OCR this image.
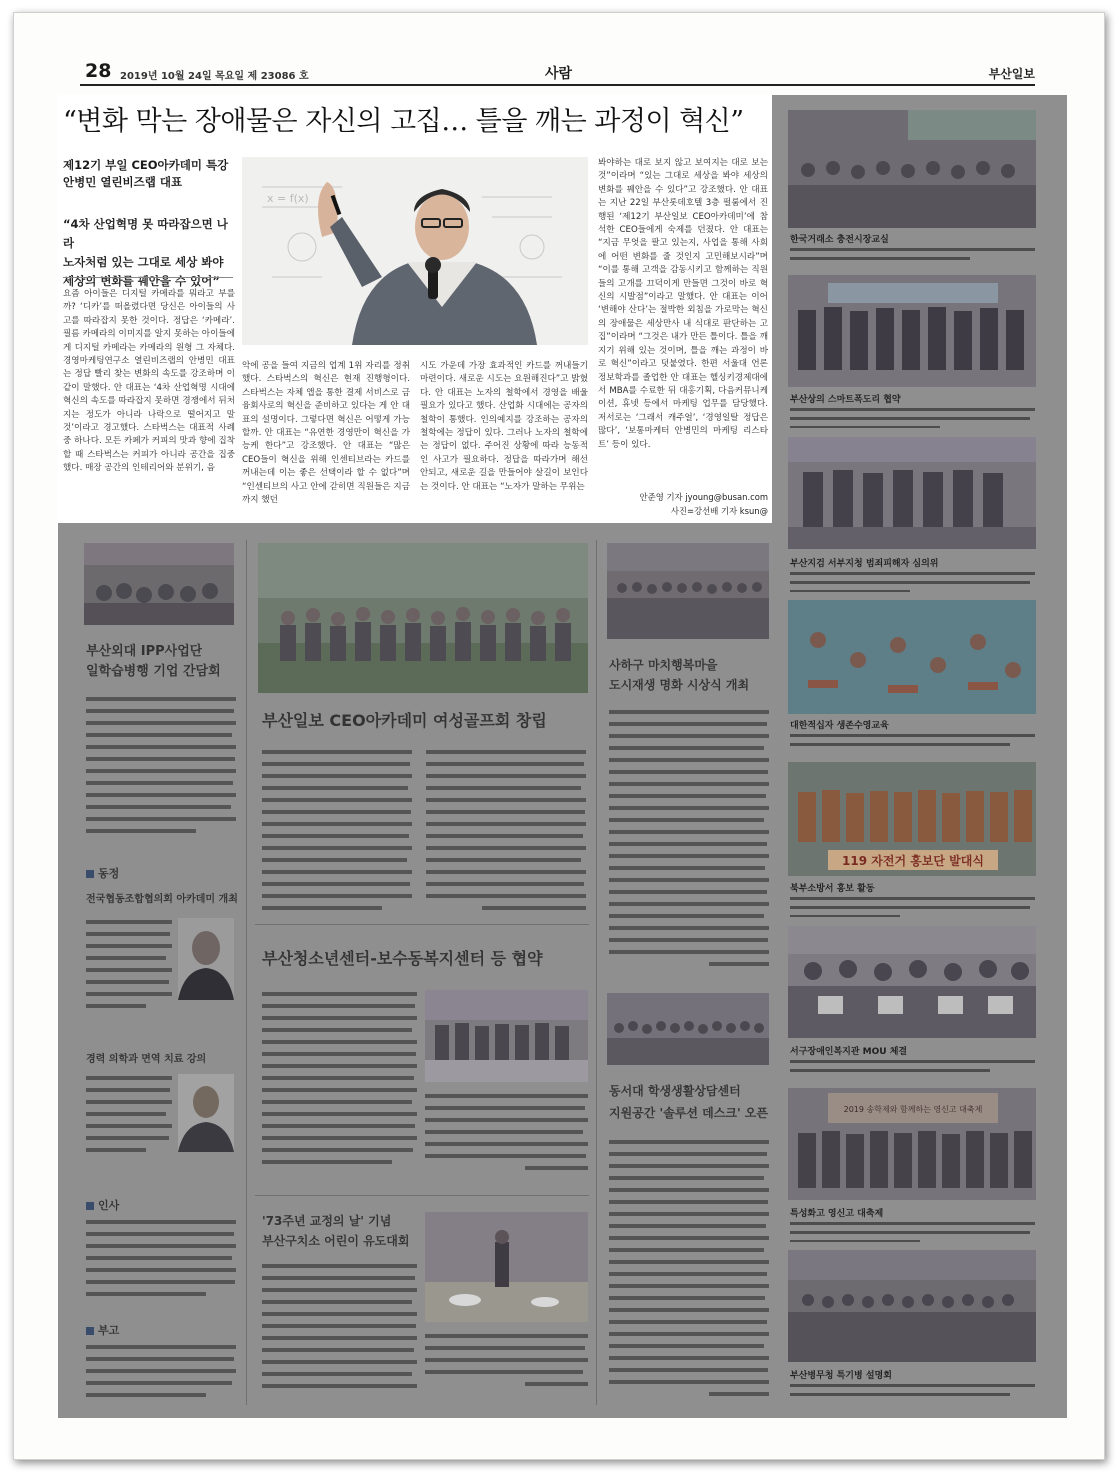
28 2019년 10월 24일 목요일 제 23086 호	사람	부산일보
“변화 막는 장애물은 자신의 고집… 틀을 깨는 과정이 혁신”
제12기 부일 CEO아카데미 특강
안병민 열린비즈랩 대표
“4차 산업혁명 못 따라잡으면 나라
노자처럼 있는 그대로 세상 봐야
세상의 변화를 꿰안을 수 있어”
x = f(x)
요즘 아이들은 디지털 카메라를 뭐라고 부를까? ‘디카’를 떠올렸다면 당신은 아이들의 사고를 따라잡지 못한 것이다. 정답은 ‘카메라’. 필름 카메라의 이미지를 알지 못하는 아이들에게 디지털 카메라는 카메라의 원형 그 자체다. 경영마케팅연구소 열린비즈랩의 안병민 대표는 정답 빨리 찾는 변화의 속도를 강조하며 이같이 말했다. 안 대표는 ‘4차 산업혁명 시대에 혁신의 속도를 따라잡지 못하면 경쟁에서 뒤처지는 정도가 아니라 나락으로 떨어지고 말 것’이라고 경고했다. 스타벅스는 대표적 사례 중 하나다. 모든 카페가 커피의 맛과 향에 집착할 때 스타벅스는 커피가 아니라 공간을 집중했다. 매장 공간의 인테리어와 분위기, 음
악에 공을 들여 지금의 업계 1위 자리를 정취했다. 스타벅스의 혁신은 현재 진행형이다. 스타벅스는 자체 앱을 통한 결제 서비스로 금융회사로의 혁신을 준비하고 있다는 게 안 대표의 설명이다. 그렇다면 혁신은 어떻게 가능할까. 안 대표는 “유연한 경영만이 혁신을 가능케 한다”고 강조했다. 안 대표는 “많은 CEO들이 혁신을 위해 인센티브라는 카드를 꺼내는데 이는 좋은 선택이라 할 수 없다”며 “인센티브의 사고 안에 갇히면 직원들은 지금까지 했던
시도 가운데 가장 효과적인 카드를 꺼내들기 마련이다. 새로운 시도는 요원해진다”고 밝혔다. 안 대표는 노자의 철학에서 경영을 배울 필요가 있다고 했다. 산업화 시대에는 공자의 철학이 통했다. 인의예지를 강조하는 공자의 철학에는 정답이 있다. 그러나 노자의 철학에는 정답이 없다. 주어진 상황에 따라 능동적인 사고가 필요하다. 정답을 따라가며 해선 안되고, 새로운 길을 만들어야 살길이 보인다는 것이다. 안 대표는 “노자가 말하는 무위는
봐야하는 대로 보지 않고 보여지는 대로 보는 것”이라며 “있는 그대로 세상을 봐야 세상의 변화를 꿰안을 수 있다”고 강조했다. 안 대표는 지난 22일 부산롯데호텔 3층 펄룸에서 진행된 ‘제12기 부산일보 CEO아카데미’에 참석한 CEO들에게 숙제를 던졌다. 안 대표는 “지금 무엇을 팔고 있는지, 사업을 통해 사회에 어떤 변화를 줄 것인지 고민해보시라”며 “이를 통해 고객을 감동시키고 함께하는 직원들의 고개를 끄덕이게 만들면 그것이 바로 혁신의 시발점”이라고 말했다. 안 대표는 이어 ‘변해야 산다’는 절박한 외침을 가로막는 혁신의 장애물은 세상만사 내 식대로 판단하는 고집”이라며 “그것은 내가 만든 틀이다. 틀을 깨지기 위해 있는 것이며, 틀을 깨는 과정이 바로 혁신”이라고 덧붙였다. 한편 서울대 언론정보학과를 졸업한 안 대표는 헬싱키경제대에서 MBA를 수료한 뒤 대홍기획, 다음커뮤니케이션, 휴넷 등에서 마케팅 업무를 담당했다. 저서로는 ‘그래서 캐주얼’, ‘경영일탈 정답은 많다’, ‘보통마케터 안병민의 마케팅 리스타트’ 등이 있다.
안준영 기자 jyoung@busan.com
사진=강선배 기자 ksun@
부산외대 IPP사업단
일학습병행 기업 간담회
동정
전국협동조합협의회 아카데미 개최
경력 의학과 면역 치료 강의
인사
부고
부산일보 CEO아카데미 여성골프회 창립
부산청소년센터-보수동복지센터 등 협약
'73주년 교정의 날' 기념
부산구치소 어린이 유도대회
사하구 마치행복마을
도시재생 명화 시상식 개최
동서대 학생생활상담센터
지원공간 '솔루션 데스크' 오픈
한국거래소 충전시장교실
부산상의 스마트폭도리 협약
부산지검 서부지청 범죄피해자 심의위
대한적십자 생존수영교육
119 자전거 홍보단 발대식
북부소방서 홍보 활동
서구장애인복지관 MOU 체결
2019 송학제와 함께하는 영신고 대축제
특성화고 영신고 대축제
부산병무청 특기병 설명회
